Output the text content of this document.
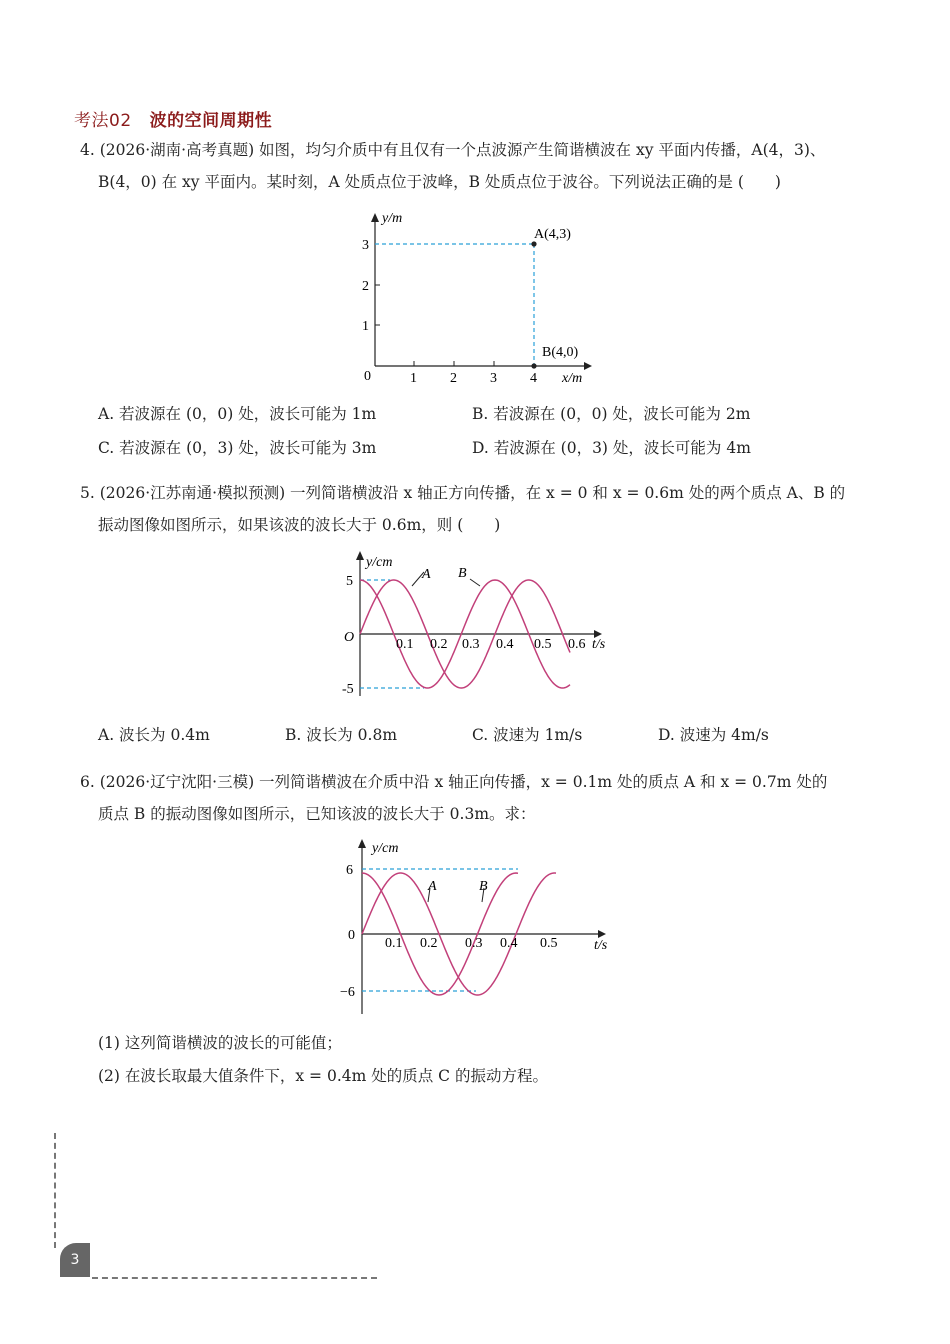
考法02 波的空间周期性
4. (2026·湖南·高考真题) 如图，均匀介质中有且仅有一个点波源产生简谐横波在 xy 平面内传播，A(4，3)、
B(4，0) 在 xy 平面内。某时刻，A 处质点位于波峰，B 处质点位于波谷。下列说法正确的是 (　　)
y/m
x/m
0	1 2 3 4
1
2
3
A(4,3)
B(4,0)
A. 若波源在 (0，0) 处，波长可能为 1m	B. 若波源在 (0，0) 处，波长可能为 2m
C. 若波源在 (0，3) 处，波长可能为 3m	D. 若波源在 (0，3) 处，波长可能为 4m
5. (2026·江苏南通·模拟预测) 一列简谐横波沿 x 轴正方向传播，在 x = 0 和 x = 0.6m 处的两个质点 A、B 的
振动图像如图所示，如果该波的波长大于 0.6m，则 (　　)
y/cm
t/s
O
5
-5
0.1 0.2 0.3 0.4 0.5 0.6
A B
A. 波长为 0.4m	B. 波长为 0.8m	C. 波速为 1m/s	D. 波速为 4m/s
6. (2026·辽宁沈阳·三模) 一列简谐横波在介质中沿 x 轴正向传播，x = 0.1m 处的质点 A 和 x = 0.7m 处的
质点 B 的振动图像如图所示，已知该波的波长大于 0.3m。求：
y/cm
t/s
0
6
−6
0.1 0.2 0.3 0.4 0.5
A	B
(1) 这列简谐横波的波长的可能值；
(2) 在波长取最大值条件下，x = 0.4m 处的质点 C 的振动方程。
3
